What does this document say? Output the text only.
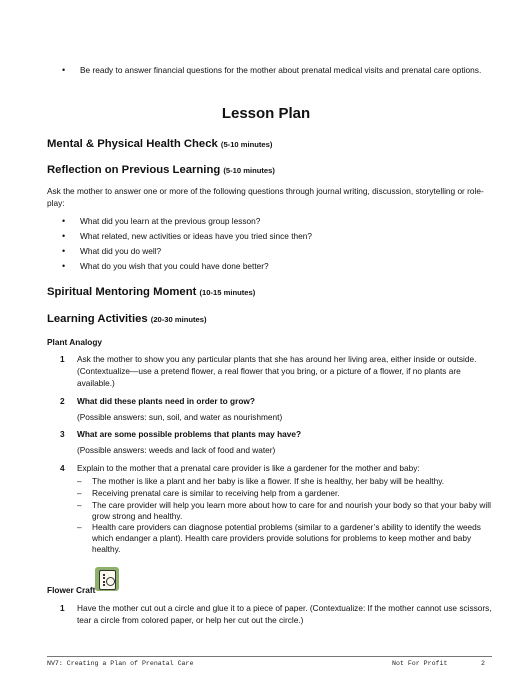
•	Be ready to answer financial questions for the mother about prenatal medical visits and prenatal care options.
Lesson Plan
Mental & Physical Health Check (5-10 minutes)
Reflection on Previous Learning (5-10 minutes)
Ask the mother to answer one or more of the following questions through journal writing, discussion, storytelling or role-play:
•	What did you learn at the previous group lesson?
•	What related, new activities or ideas have you tried since then?
•	What did you do well?
•	What do you wish that you could have done better?
Spiritual Mentoring Moment (10-15 minutes)
Learning Activities (20-30 minutes)
Plant Analogy
1	Ask the mother to show you any particular plants that she has around her living area, either inside or outside. (Contextualize—use a pretend flower, a real flower that you bring, or a picture of a flower, if no plants are available.)
2	What did these plants need in order to grow?
(Possible answers: sun, soil, and water as nourishment)
3	What are some possible problems that plants may have?
(Possible answers: weeds and lack of food and water)
4	Explain to the mother that a prenatal care provider is like a gardener for the mother and baby:
– The mother is like a plant and her baby is like a flower. If she is healthy, her baby will be healthy.
– Receiving prenatal care is similar to receiving help from a gardener.
– The care provider will help you learn more about how to care for and nourish your body so that your baby will grow strong and healthy.
– Health care providers can diagnose potential problems (similar to a gardener’s ability to identify the weeds which endanger a plant). Health care providers provide solutions for problems to keep mother and baby healthy.
Flower Craft
1	Have the mother cut out a circle and glue it to a piece of paper. (Contextualize: If the mother cannot use scissors, tear a circle from colored paper, or help her cut out the circle.)
NV7: Creating a Plan of Prenatal Care	Not For Profit	2
